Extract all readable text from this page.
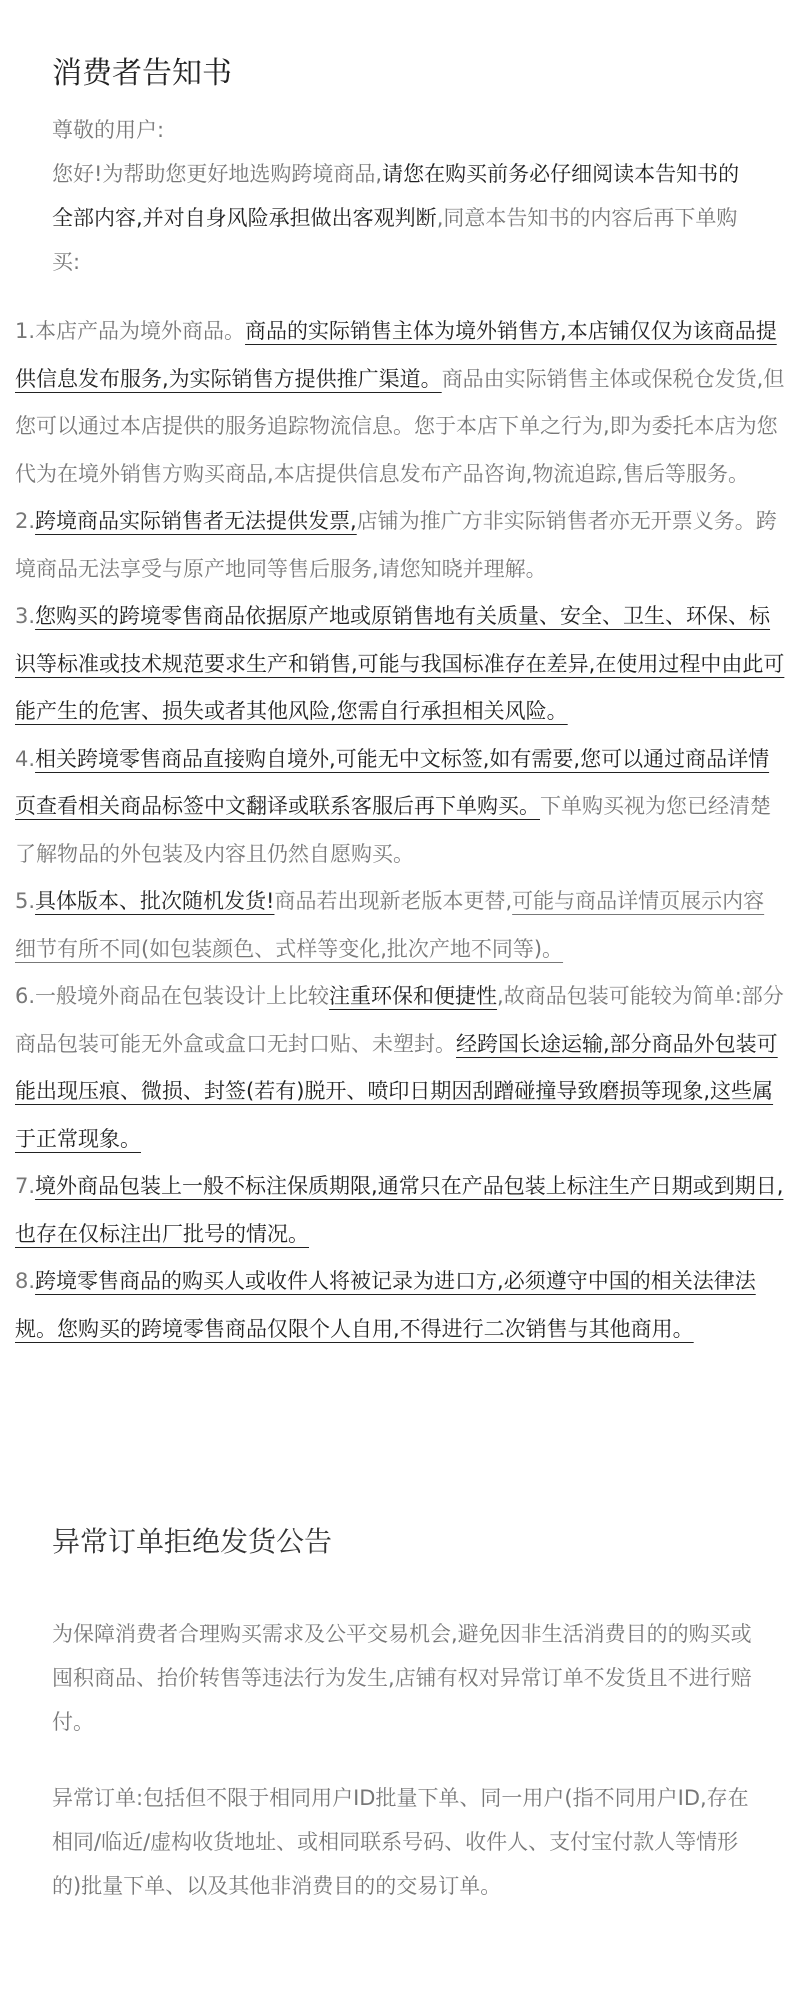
消费者告知书

尊敬的用户:
您好!为帮助您更好地选购跨境商品,请您在购买前务必仔细阅读本告知书的全部内容,并对自身风险承担做出客观判断,同意本告知书的内容后再下单购买:

1.本店产品为境外商品。商品的实际销售主体为境外销售方,本店铺仅仅为该商品提供信息发布服务,为实际销售方提供推广渠道。商品由实际销售主体或保税仓发货,但您可以通过本店提供的服务追踪物流信息。您于本店下单之行为,即为委托本店为您代为在境外销售方购买商品,本店提供信息发布产品咨询,物流追踪,售后等服务。
2.跨境商品实际销售者无法提供发票,店铺为推广方非实际销售者亦无开票义务。跨境商品无法享受与原产地同等售后服务,请您知晓并理解。
3.您购买的跨境零售商品依据原产地或原销售地有关质量、安全、卫生、环保、标识等标准或技术规范要求生产和销售,可能与我国标准存在差异,在使用过程中由此可能产生的危害、损失或者其他风险,您需自行承担相关风险。
4.相关跨境零售商品直接购自境外,可能无中文标签,如有需要,您可以通过商品详情页查看相关商品标签中文翻译或联系客服后再下单购买。下单购买视为您已经清楚了解物品的外包装及内容且仍然自愿购买。
5.具体版本、批次随机发货!商品若出现新老版本更替,可能与商品详情页展示内容细节有所不同(如包装颜色、式样等变化,批次产地不同等)。
6.一般境外商品在包装设计上比较注重环保和便捷性,故商品包装可能较为简单:部分商品包装可能无外盒或盒口无封口贴、未塑封。经跨国长途运输,部分商品外包装可能出现压痕、微损、封签(若有)脱开、喷印日期因刮蹭碰撞导致磨损等现象,这些属于正常现象。
7.境外商品包装上一般不标注保质期限,通常只在产品包装上标注生产日期或到期日,也存在仅标注出厂批号的情况。
8.跨境零售商品的购买人或收件人将被记录为进口方,必须遵守中国的相关法律法规。您购买的跨境零售商品仅限个人自用,不得进行二次销售与其他商用。
异常订单拒绝发货公告

为保障消费者合理购买需求及公平交易机会,避免因非生活消费目的的购买或囤积商品、抬价转售等违法行为发生,店铺有权对异常订单不发货且不进行赔付。

异常订单:包括但不限于相同用户ID批量下单、同一用户(指不同用户ID,存在相同/临近/虚构收货地址、或相同联系号码、收件人、支付宝付款人等情形的)批量下单、以及其他非消费目的的交易订单。
